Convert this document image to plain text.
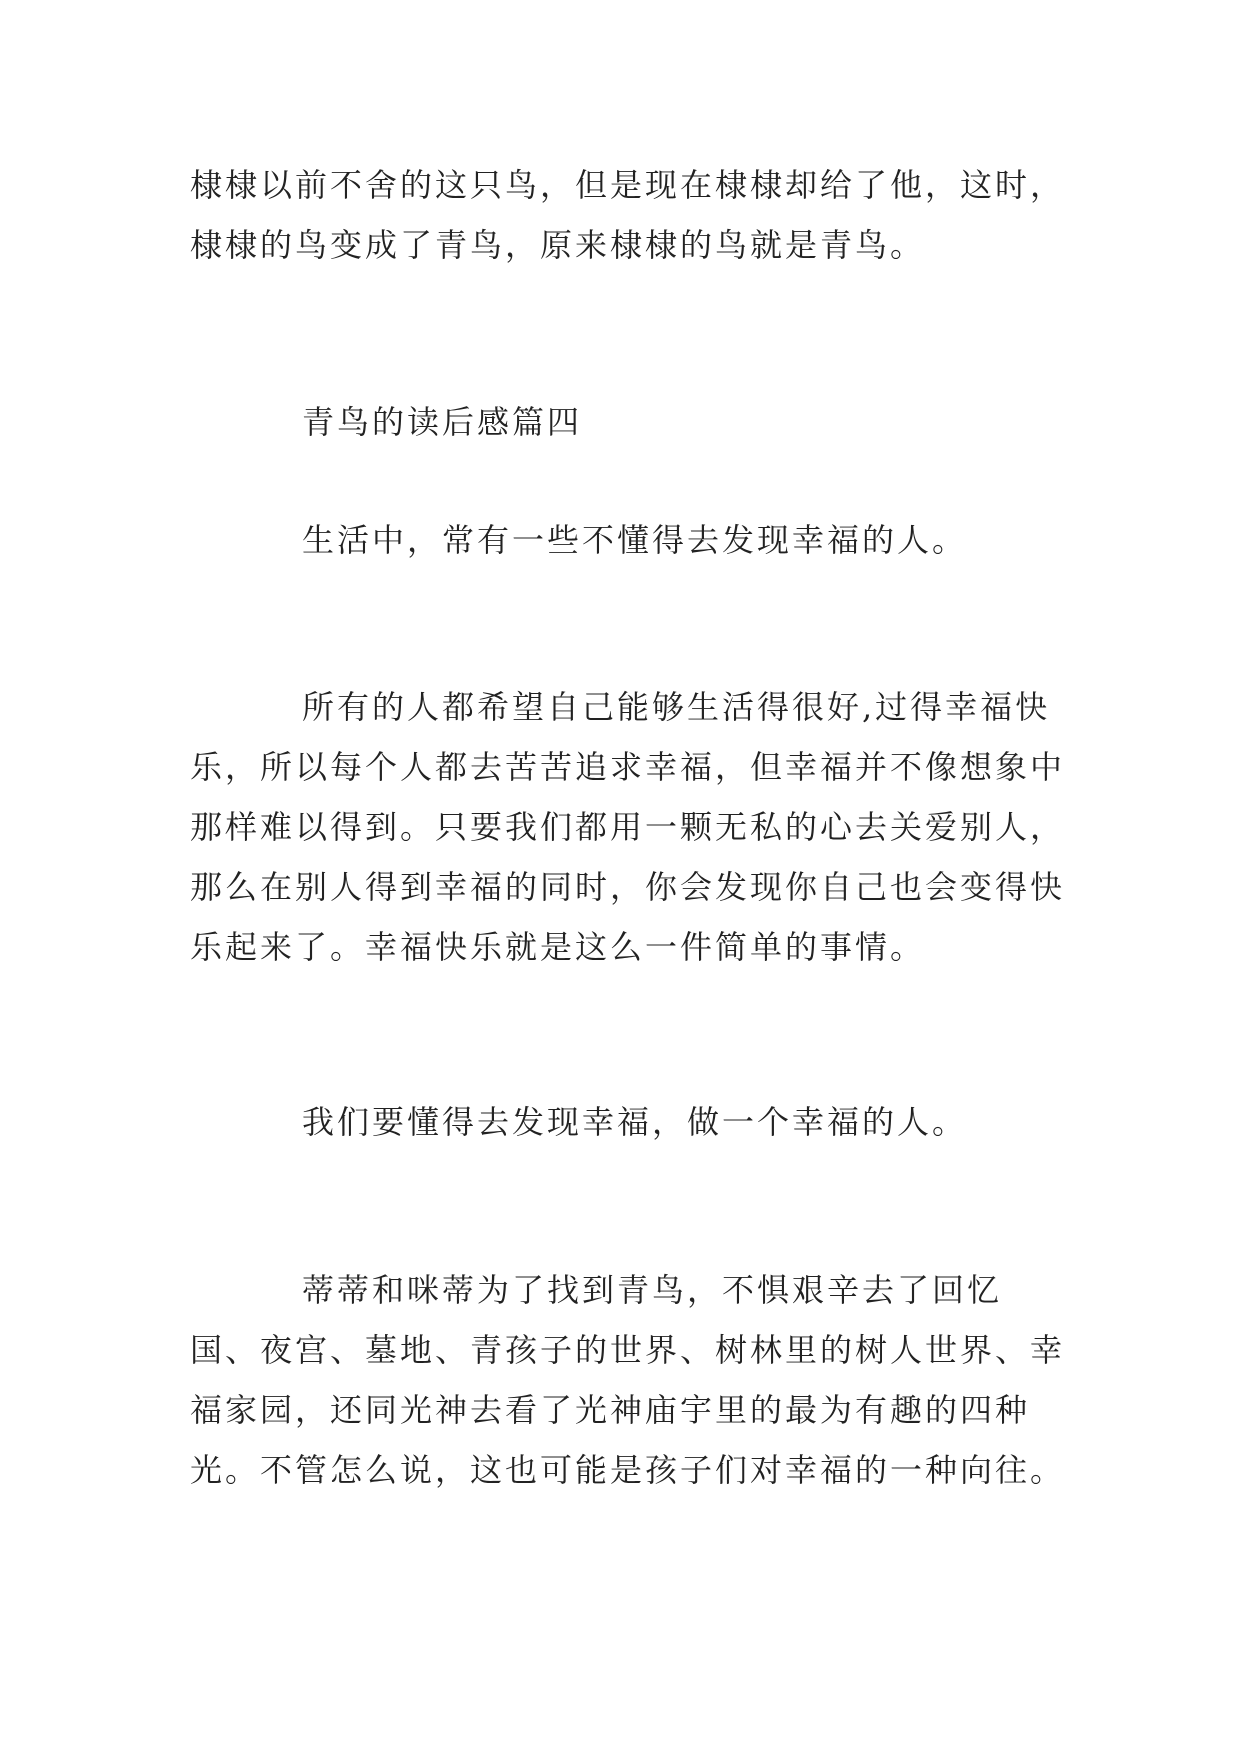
棣棣以前不舍的这只鸟，但是现在棣棣却给了他，这时，棣棣的鸟变成了青鸟，原来棣棣的鸟就是青鸟。

青鸟的读后感篇四

生活中，常有一些不懂得去发现幸福的人。

所有的人都希望自己能够生活得很好,过得幸福快乐，所以每个人都去苦苦追求幸福，但幸福并不像想象中那样难以得到。只要我们都用一颗无私的心去关爱别人，那么在别人得到幸福的同时，你会发现你自己也会变得快乐起来了。幸福快乐就是这么一件简单的事情。

我们要懂得去发现幸福，做一个幸福的人。

蒂蒂和咪蒂为了找到青鸟，不惧艰辛去了回忆国、夜宫、墓地、青孩子的世界、树林里的树人世界、幸福家园，还同光神去看了光神庙宇里的最为有趣的四种光。不管怎么说，这也可能是孩子们对幸福的一种向往。
